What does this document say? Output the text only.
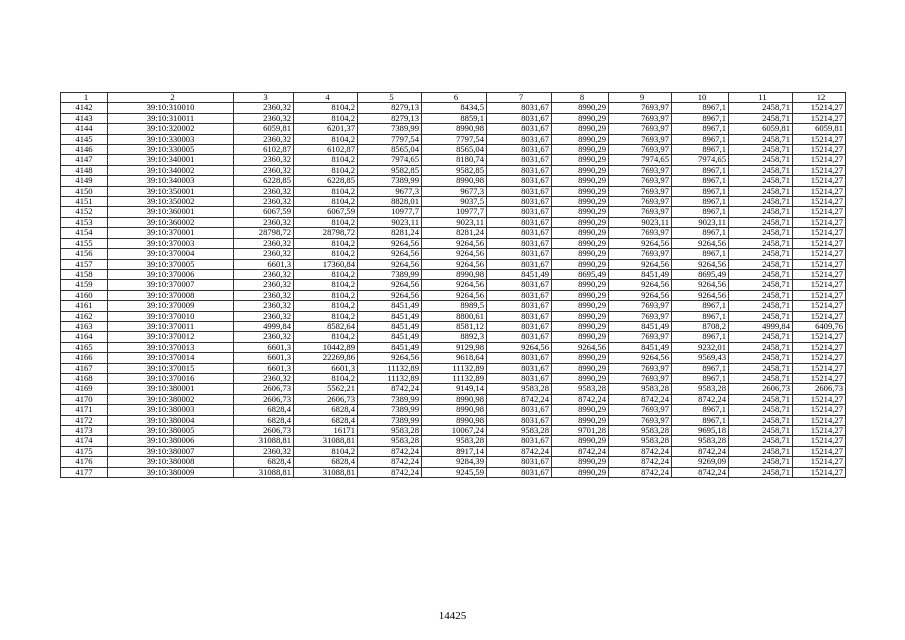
1	2	3	4	5	6	7	8	9	10	11	12
4142	39:10:310010	2360,32	8104,2	8279,13	8434,5	8031,67	8990,29	7693,97	8967,1	2458,71	15214,27
4143	39:10:310011	2360,32	8104,2	8279,13	8859,1	8031,67	8990,29	7693,97	8967,1	2458,71	15214,27
4144	39:10:320002	6059,81	6201,37	7389,99	8990,98	8031,67	8990,29	7693,97	8967,1	6059,81	6059,81
4145	39:10:330003	2360,32	8104,2	7797,54	7797,54	8031,67	8990,29	7693,97	8967,1	2458,71	15214,27
4146	39:10:330005	6102,87	6102,87	8565,04	8565,04	8031,67	8990,29	7693,97	8967,1	2458,71	15214,27
4147	39:10:340001	2360,32	8104,2	7974,65	8180,74	8031,67	8990,29	7974,65	7974,65	2458,71	15214,27
4148	39:10:340002	2360,32	8104,2	9582,85	9582,85	8031,67	8990,29	7693,97	8967,1	2458,71	15214,27
4149	39:10:340003	6228,85	6228,85	7389,99	8990,98	8031,67	8990,29	7693,97	8967,1	2458,71	15214,27
4150	39:10:350001	2360,32	8104,2	9677,3	9677,3	8031,67	8990,29	7693,97	8967,1	2458,71	15214,27
4151	39:10:350002	2360,32	8104,2	8828,01	9037,5	8031,67	8990,29	7693,97	8967,1	2458,71	15214,27
4152	39:10:360001	6067,59	6067,59	10977,7	10977,7	8031,67	8990,29	7693,97	8967,1	2458,71	15214,27
4153	39:10:360002	2360,32	8104,2	9023,11	9023,11	8031,67	8990,29	9023,11	9023,11	2458,71	15214,27
4154	39:10:370001	28798,72	28798,72	8281,24	8281,24	8031,67	8990,29	7693,97	8967,1	2458,71	15214,27
4155	39:10:370003	2360,32	8104,2	9264,56	9264,56	8031,67	8990,29	9264,56	9264,56	2458,71	15214,27
4156	39:10:370004	2360,32	8104,2	9264,56	9264,56	8031,67	8990,29	7693,97	8967,1	2458,71	15214,27
4157	39:10:370005	6601,3	17360,84	9264,56	9264,56	8031,67	8990,29	9264,56	9264,56	2458,71	15214,27
4158	39:10:370006	2360,32	8104,2	7389,99	8990,98	8451,49	8695,49	8451,49	8695,49	2458,71	15214,27
4159	39:10:370007	2360,32	8104,2	9264,56	9264,56	8031,67	8990,29	9264,56	9264,56	2458,71	15214,27
4160	39:10:370008	2360,32	8104,2	9264,56	9264,56	8031,67	8990,29	9264,56	9264,56	2458,71	15214,27
4161	39:10:370009	2360,32	8104,2	8451,49	8989,5	8031,67	8990,29	7693,97	8967,1	2458,71	15214,27
4162	39:10:370010	2360,32	8104,2	8451,49	8800,61	8031,67	8990,29	7693,97	8967,1	2458,71	15214,27
4163	39:10:370011	4999,84	8582,64	8451,49	8581,12	8031,67	8990,29	8451,49	8708,2	4999,84	6409,76
4164	39:10:370012	2360,32	8104,2	8451,49	8892,3	8031,67	8990,29	7693,97	8967,1	2458,71	15214,27
4165	39:10:370013	6601,3	10442,89	8451,49	9129,98	9264,56	9264,56	8451,49	9232,01	2458,71	15214,27
4166	39:10:370014	6601,3	22269,86	9264,56	9618,64	8031,67	8990,29	9264,56	9569,43	2458,71	15214,27
4167	39:10:370015	6601,3	6601,3	11132,89	11132,89	8031,67	8990,29	7693,97	8967,1	2458,71	15214,27
4168	39:10:370016	2360,32	8104,2	11132,89	11132,89	8031,67	8990,29	7693,97	8967,1	2458,71	15214,27
4169	39:10:380001	2606,73	5562,21	8742,24	9149,14	9583,28	9583,28	9583,28	9583,28	2606,73	2606,73
4170	39:10:380002	2606,73	2606,73	7389,99	8990,98	8742,24	8742,24	8742,24	8742,24	2458,71	15214,27
4171	39:10:380003	6828,4	6828,4	7389,99	8990,98	8031,67	8990,29	7693,97	8967,1	2458,71	15214,27
4172	39:10:380004	6828,4	6828,4	7389,99	8990,98	8031,67	8990,29	7693,97	8967,1	2458,71	15214,27
4173	39:10:380005	2606,73	16171	9583,28	10067,24	9583,28	9701,28	9583,28	9695,18	2458,71	15214,27
4174	39:10:380006	31088,81	31088,81	9583,28	9583,28	8031,67	8990,29	9583,28	9583,28	2458,71	15214,27
4175	39:10:380007	2360,32	8104,2	8742,24	8917,14	8742,24	8742,24	8742,24	8742,24	2458,71	15214,27
4176	39:10:380008	6828,4	6828,4	8742,24	9284,39	8031,67	8990,29	8742,24	9269,09	2458,71	15214,27
4177	39:10:380009	31088,81	31088,81	8742,24	9245,59	8031,67	8990,29	8742,24	8742,24	2458,71	15214,27
14425
